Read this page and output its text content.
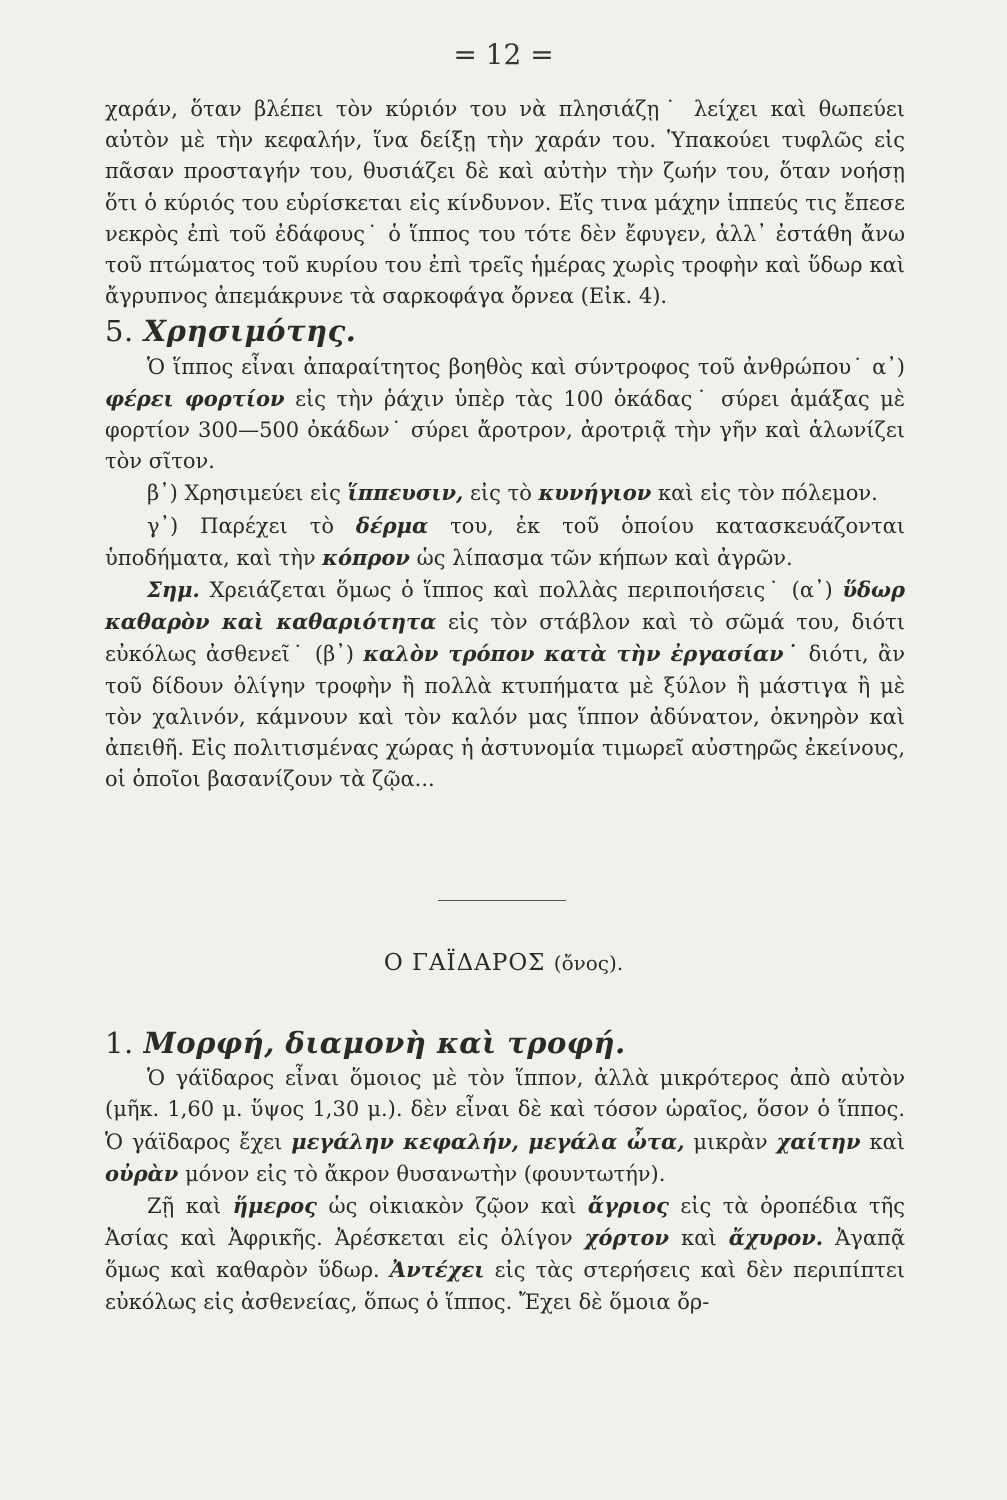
= 12 =

χαράν, ὅταν βλέπει τὸν κύριόν του νὰ πλησιάζῃ˙ λείχει καὶ θωπεύει αὐτὸν μὲ τὴν κεφαλήν, ἵνα δείξῃ τὴν χαράν του. Ὑπακούει τυφλῶς εἰς πᾶσαν προσταγήν του, θυσιάζει δὲ καὶ αὐτὴν τὴν ζωήν του, ὅταν νοήσῃ ὅτι ὁ κύριός του εὑρίσκεται εἰς κίνδυνον. Εἴς τινα μάχην ἱππεύς τις ἔπεσε νεκρὸς ἐπὶ τοῦ ἐδάφους˙ ὁ ἵππος του τότε δὲν ἔφυγεν, ἀλλ᾽ ἐστάθη ἄνω τοῦ πτώματος τοῦ κυρίου του ἐπὶ τρεῖς ἡμέρας χωρὶς τροφὴν καὶ ὕδωρ καὶ ἄγρυπνος ἀπεμάκρυνε τὰ σαρκοφάγα ὄρνεα (Εἰκ. 4).

5. Χρησιμότης.

Ὁ ἵππος εἶναι ἀπαραίτητος βοηθὸς καὶ σύντροφος τοῦ ἀνθρώπου˙ α᾽) φέρει φορτίον εἰς τὴν ῥάχιν ὑπὲρ τὰς 100 ὀκάδας˙ σύρει ἁμάξας μὲ φορτίον 300—500 ὀκάδων˙ σύρει ἄροτρον, ἀροτριᾷ τὴν γῆν καὶ ἁλωνίζει τὸν σῖτον.

β᾽) Χρησιμεύει εἰς ἵππευσιν, εἰς τὸ κυνήγιον καὶ εἰς τὸν πόλεμον.

γ᾽) Παρέχει τὸ δέρμα του, ἐκ τοῦ ὁποίου κατασκευάζονται ὑποδήματα, καὶ τὴν κόπρον ὡς λίπασμα τῶν κήπων καὶ ἀγρῶν.

Σημ. Χρειάζεται ὅμως ὁ ἵππος καὶ πολλὰς περιποιήσεις˙ (α᾽) ὕδωρ καθαρὸν καὶ καθαριότητα εἰς τὸν στάβλον καὶ τὸ σῶμά του, διότι εὐκόλως ἀσθενεῖ˙ (β᾽) καλὸν τρόπον κατὰ τὴν ἐργασίαν˙ διότι, ἂν τοῦ δίδουν ὀλίγην τροφὴν ἢ πολλὰ κτυπήματα μὲ ξύλον ἢ μάστιγα ἢ μὲ τὸν χαλινόν, κάμνουν καὶ τὸν καλόν μας ἵππον ἀδύνατον, ὀκνηρὸν καὶ ἀπειθῆ. Εἰς πολιτισμένας χώρας ἡ ἀστυνομία τιμωρεῖ αὐστηρῶς ἐκείνους, οἱ ὁποῖοι βασανίζουν τὰ ζῷα...

Ο ΓΑΪΔΑΡΟΣ (ὄνος).
1. Μορφή, διαμονὴ καὶ τροφή.

Ὁ γάϊδαρος εἶναι ὅμοιος μὲ τὸν ἵππον, ἀλλὰ μικρότερος ἀπὸ αὐτὸν (μῆκ. 1,60 μ. ὕψος 1,30 μ.). δὲν εἶναι δὲ καὶ τόσον ὡραῖος, ὅσον ὁ ἵππος. Ὁ γάϊδαρος ἔχει μεγάλην κεφαλήν, μεγάλα ὦτα, μικρὰν χαίτην καὶ οὐρὰν μόνον εἰς τὸ ἄκρον θυσανωτὴν (φουντωτήν).

Ζῇ καὶ ἥμερος ὡς οἰκιακὸν ζῷον καὶ ἄγριος εἰς τὰ ὀροπέδια τῆς Ἀσίας καὶ Ἀφρικῆς. Ἀρέσκεται εἰς ὀλίγον χόρτον καὶ ἄχυρον. Ἀγαπᾷ ὅμως καὶ καθαρὸν ὕδωρ. Ἀντέχει εἰς τὰς στερήσεις καὶ δὲν περιπίπτει εὐκόλως εἰς ἀσθενείας, ὅπως ὁ ἵππος. Ἔχει δὲ ὅμοια ὄρ-
